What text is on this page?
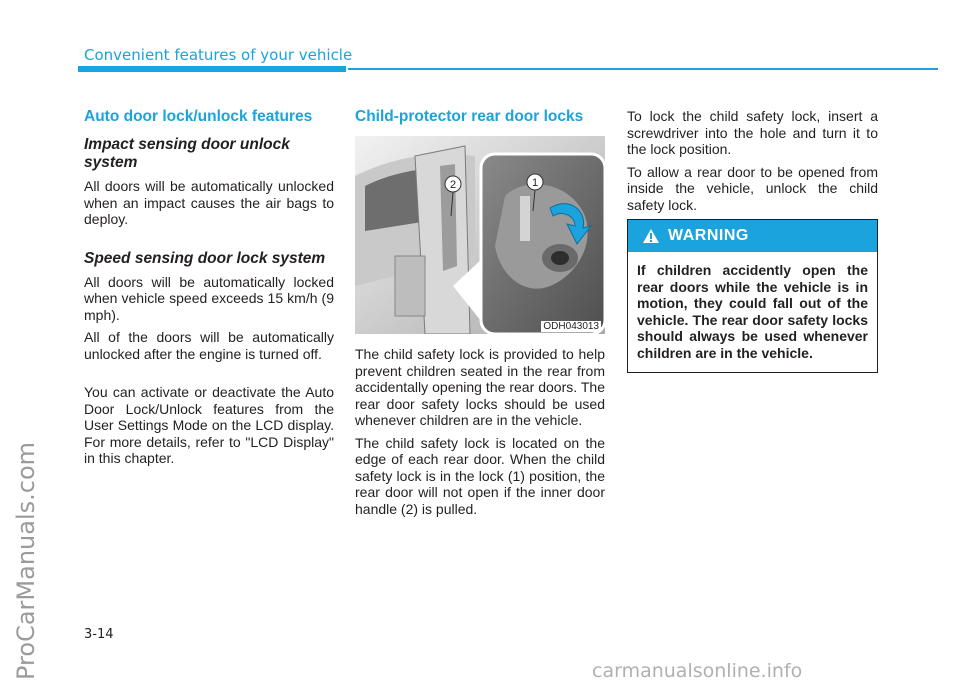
Convenient features of your vehicle
ProCarManuals.com
Auto door lock/unlock features
Impact sensing door unlock system

All doors will be automatically unlocked when an impact causes the air bags to deploy.

Speed sensing door lock system

All doors will be automatically locked when vehicle speed exceeds 15 km/h (9 mph).

All of the doors will be automatically unlocked after the engine is turned off.

You can activate or deactivate the Auto Door Lock/Unlock features from the User Settings Mode on the LCD display. For more details, refer to "LCD Display" in this chapter.

Child-protector rear door locks
1
2
ODH043013

The child safety lock is provided to help prevent children seated in the rear from accidentally opening the rear doors. The rear door safety locks should be used whenever children are in the vehicle.

The child safety lock is located on the edge of each rear door. When the child safety lock is in the lock (1) position, the rear door will not open if the inner door handle (2) is pulled.

To lock the child safety lock, insert a screwdriver into the hole and turn it to the lock position.

To allow a rear door to be opened from inside the vehicle, unlock the child safety lock.

WARNING
If children accidently open the rear doors while the vehicle is in motion, they could fall out of the vehicle. The rear door safety locks should always be used whenever children are in the vehicle.
3-14
carmanualsonline.info
